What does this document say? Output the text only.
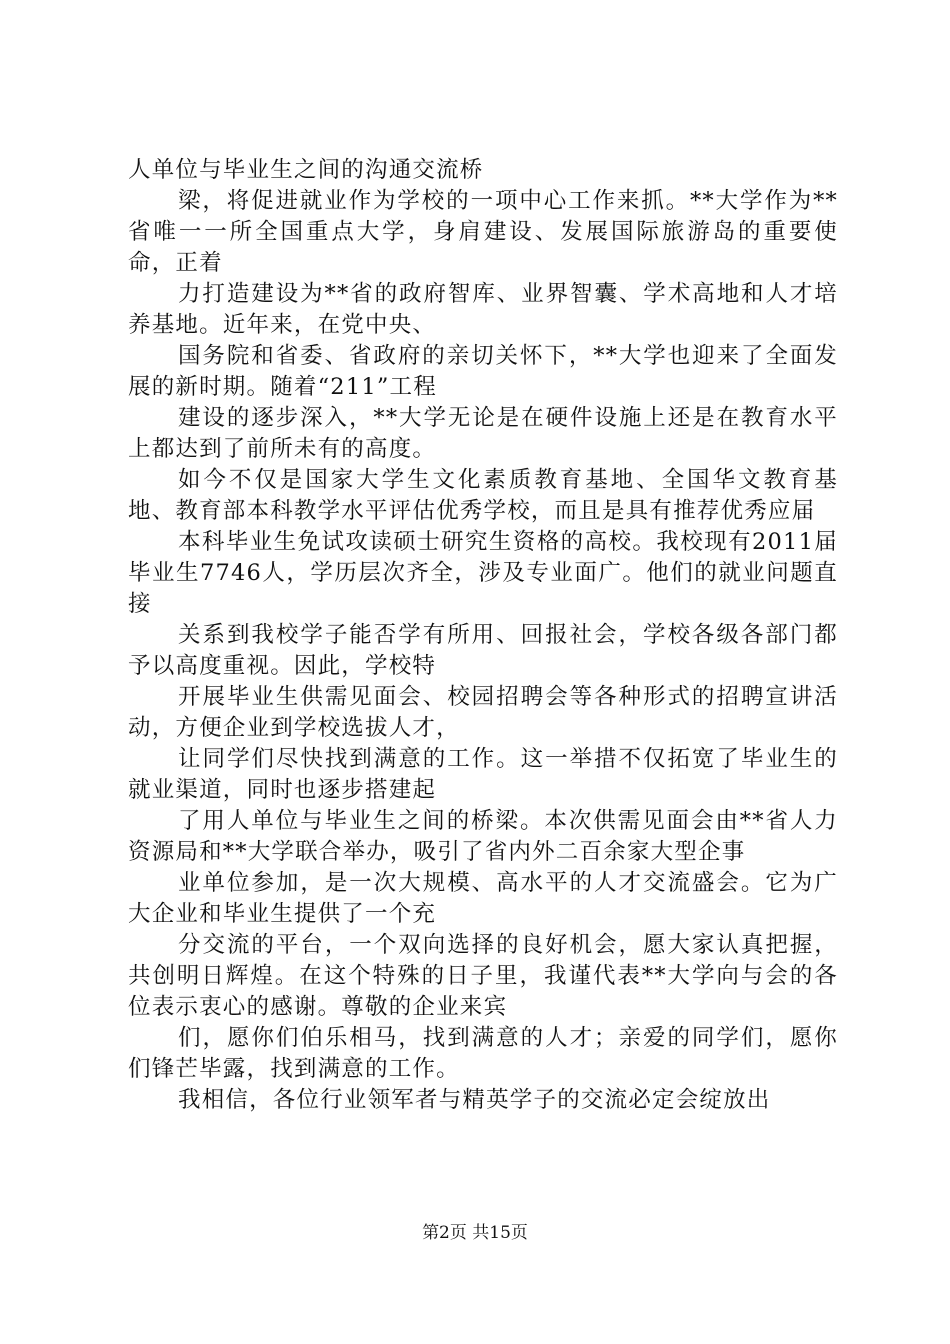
人单位与毕业生之间的沟通交流桥

梁，将促进就业作为学校的一项中心工作来抓。**大学作为**省唯一一所全国重点大学，身肩建设、发展国际旅游岛的重要使命，正着

力打造建设为**省的政府智库、业界智囊、学术高地和人才培养基地。近年来，在党中央、

国务院和省委、省政府的亲切关怀下，**大学也迎来了全面发展的新时期。随着“211”工程

建设的逐步深入，**大学无论是在硬件设施上还是在教育水平上都达到了前所未有的高度。

如今不仅是国家大学生文化素质教育基地、全国华文教育基地、教育部本科教学水平评估优秀学校，而且是具有推荐优秀应届

本科毕业生免试攻读硕士研究生资格的高校。我校现有2011届毕业生7746人，学历层次齐全，涉及专业面广。他们的就业问题直接

关系到我校学子能否学有所用、回报社会，学校各级各部门都予以高度重视。因此，学校特

开展毕业生供需见面会、校园招聘会等各种形式的招聘宣讲活动，方便企业到学校选拔人才，

让同学们尽快找到满意的工作。这一举措不仅拓宽了毕业生的就业渠道，同时也逐步搭建起

了用人单位与毕业生之间的桥梁。本次供需见面会由**省人力资源局和**大学联合举办，吸引了省内外二百余家大型企事

业单位参加，是一次大规模、高水平的人才交流盛会。它为广大企业和毕业生提供了一个充

分交流的平台，一个双向选择的良好机会，愿大家认真把握，共创明日辉煌。在这个特殊的日子里，我谨代表**大学向与会的各位表示衷心的感谢。尊敬的企业来宾

们，愿你们伯乐相马，找到满意的人才；亲爱的同学们，愿你们锋芒毕露，找到满意的工作。

我相信，各位行业领军者与精英学子的交流必定会绽放出

第2页 共15页
